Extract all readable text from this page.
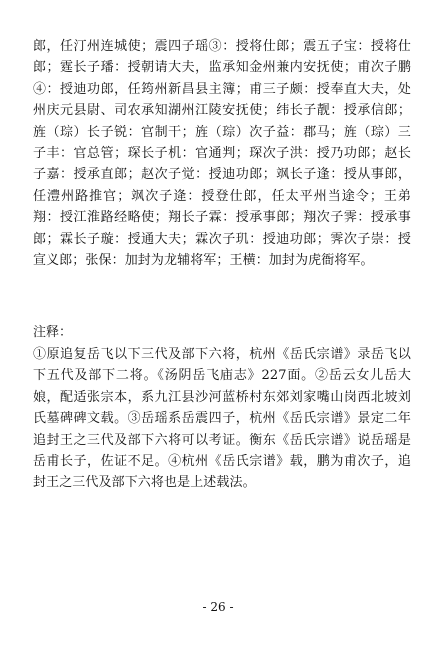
郎，任汀州连城使；震四子瑶③：授将仕郎；震五子宝：授将仕郎；霆长子璠：授朝请大夫，监承知金州兼内安抚使；甫次子鹏④：授迪功郎，任筠州新昌县主簿；甫三子颇：授奉直大夫，处州庆元县尉、司农承知湖州江陵安抚使；纬长子靓：授承信郎；旌（琮）长子锐：官制干；旌（琮）次子益：郡马；旌（琮）三子丰：官总管；琛长子机：官通判；琛次子洪：授乃功郎；赵长子嘉：授承直郎；赵次子觉：授迪功郎；飒长子逢：授从事郎，任澧州路推官；飒次子逄：授登仕郎，任太平州当途令；王弟翔：授江淮路经略使；翔长子霖：授承事郎；翔次子霁：授承事郎；霖长子璇：授通大夫；霖次子玑：授迪功郎；霁次子崇：授宣义郎；张保：加封为龙辅将军；王横：加封为虎衙将军。

注释：

①原追复岳飞以下三代及部下六将，杭州《岳氏宗谱》录岳飞以下五代及部下二将。《汤阴岳飞庙志》227面。②岳云女儿岳大娘，配适张宗本，系九江县沙河蓝桥村东郊刘家嘴山岗西北坡刘氏墓碑碑文载。③岳瑶系岳震四子，杭州《岳氏宗谱》景定二年追封王之三代及部下六将可以考证。衡东《岳氏宗谱》说岳瑶是岳甫长子，佐证不足。④杭州《岳氏宗谱》载，鹏为甫次子，追封王之三代及部下六将也是上述载法。

- 26 -
